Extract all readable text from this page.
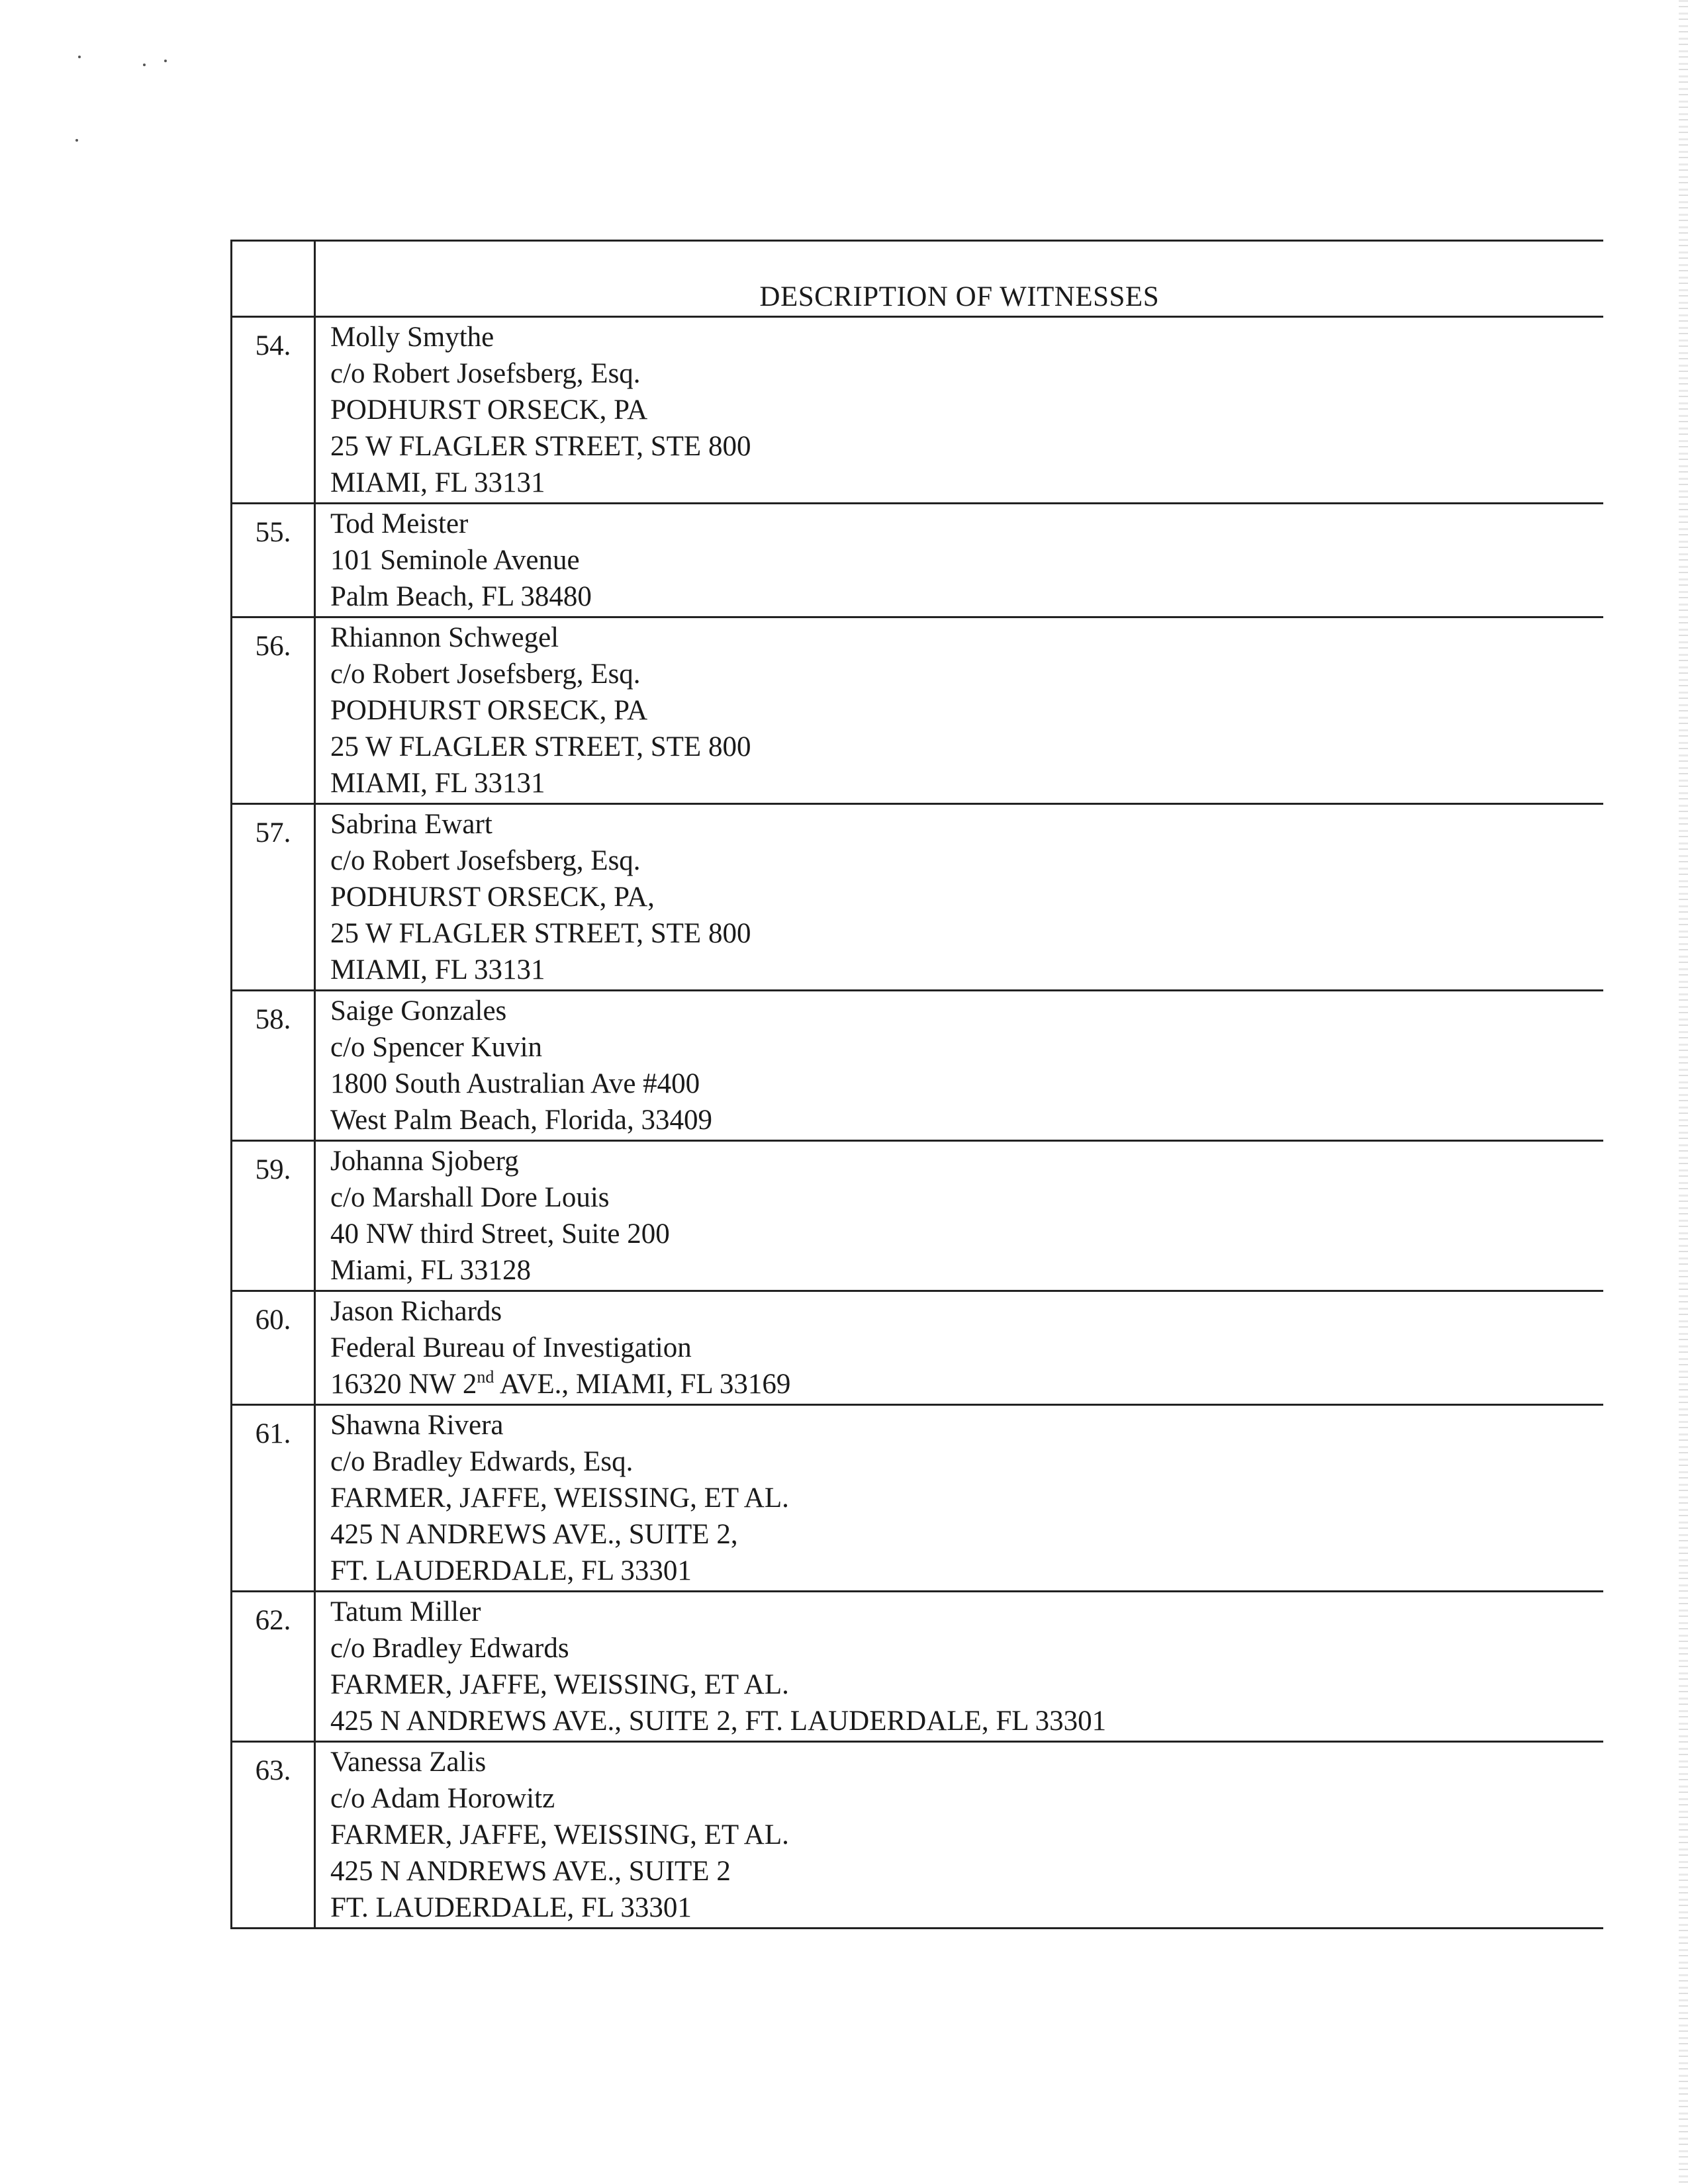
	DESCRIPTION OF WITNESSES
54.	Molly Smythe
c/o Robert Josefsberg, Esq.
PODHURST ORSECK, PA
25 W FLAGLER STREET, STE 800
MIAMI, FL 33131

55.	Tod Meister
101 Seminole Avenue
Palm Beach, FL 38480

56.	Rhiannon Schwegel
c/o Robert Josefsberg, Esq.
PODHURST ORSECK, PA
25 W FLAGLER STREET, STE 800
MIAMI, FL 33131

57.	Sabrina Ewart
c/o Robert Josefsberg, Esq.
PODHURST ORSECK, PA,
25 W FLAGLER STREET, STE 800
MIAMI, FL 33131

58.	Saige Gonzales
c/o Spencer Kuvin
1800 South Australian Ave #400
West Palm Beach, Florida, 33409

59.	Johanna Sjoberg
c/o Marshall Dore Louis
40 NW third Street, Suite 200
Miami, FL 33128

60.	Jason Richards
Federal Bureau of Investigation
16320 NW 2nd AVE., MIAMI, FL 33169

61.	Shawna Rivera
c/o Bradley Edwards, Esq.
FARMER, JAFFE, WEISSING, ET AL.
425 N ANDREWS AVE., SUITE 2,
FT. LAUDERDALE, FL 33301

62.	Tatum Miller
c/o Bradley Edwards
FARMER, JAFFE, WEISSING, ET AL.
425 N ANDREWS AVE., SUITE 2, FT. LAUDERDALE, FL 33301

63.	Vanessa Zalis
c/o Adam Horowitz
FARMER, JAFFE, WEISSING, ET AL.
425 N ANDREWS AVE., SUITE 2
FT. LAUDERDALE, FL 33301
